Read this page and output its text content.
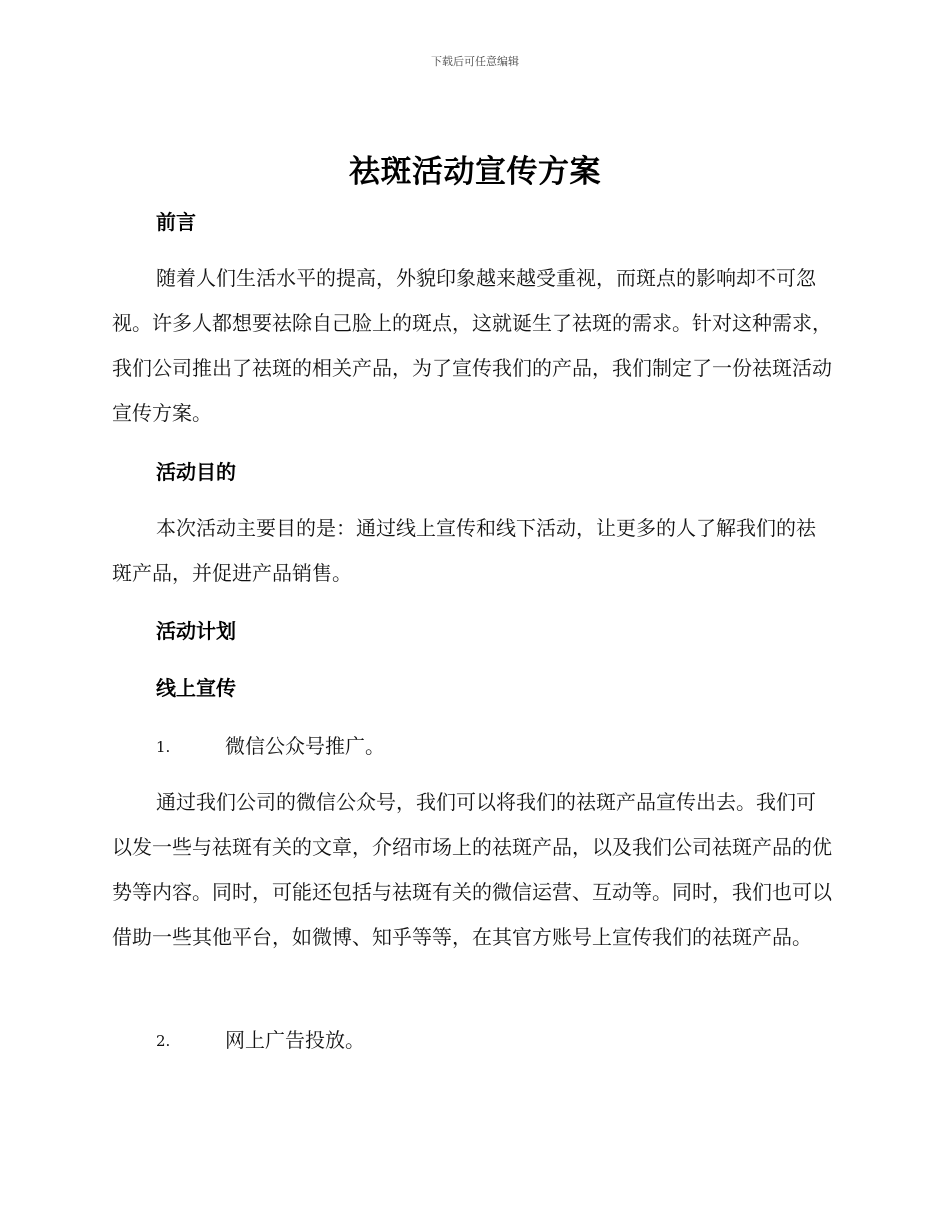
下载后可任意编辑
祛斑活动宣传方案
前言

随着人们生活水平的提高，外貌印象越来越受重视，而斑点的影响却不可忽视。许多人都想要祛除自己脸上的斑点，这就诞生了祛斑的需求。针对这种需求，我们公司推出了祛斑的相关产品，为了宣传我们的产品，我们制定了一份祛斑活动宣传方案。

活动目的

本次活动主要目的是：通过线上宣传和线下活动，让更多的人了解我们的祛斑产品，并促进产品销售。

活动计划
线上宣传
1.	微信公众号推广。

通过我们公司的微信公众号，我们可以将我们的祛斑产品宣传出去。我们可以发一些与祛斑有关的文章，介绍市场上的祛斑产品，以及我们公司祛斑产品的优势等内容。同时，可能还包括与祛斑有关的微信运营、互动等。同时，我们也可以借助一些其他平台，如微博、知乎等等，在其官方账号上宣传我们的祛斑产品。

2.	网上广告投放。
